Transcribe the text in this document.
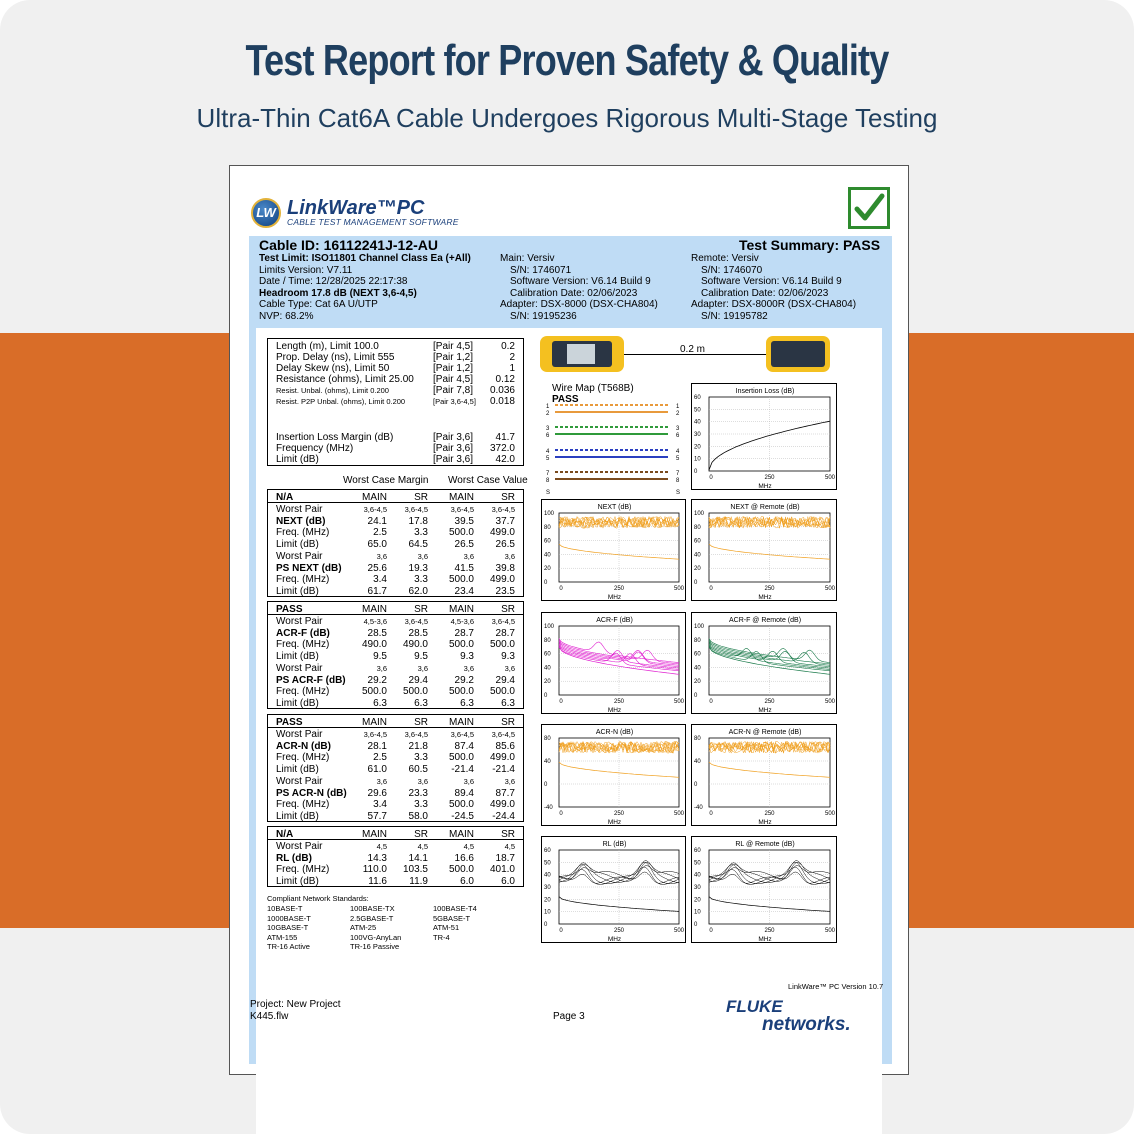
Test Report for Proven Safety & Quality
Ultra-Thin Cat6A Cable Undergoes Rigorous Multi-Stage Testing
LW LinkWare™PC
CABLE TEST MANAGEMENT SOFTWARE
Cable ID: 16112241J-12-AU	Test Summary: PASS
LinkWare™ PC Version 10.7
Project: New Project
K445.flw	Page 3
FLUKE
networks.
Test Limit: ISO11801 Channel Class Ea (+All)
Limits Version: V7.11
Date / Time: 12/28/2025 22:17:38
Headroom 17.8 dB (NEXT 3,6-4,5)
Cable Type: Cat 6A U/UTP
NVP: 68.2%
Main: Versiv
S/N: 1746071
Software Version: V6.14 Build 9
Calibration Date: 02/06/2023
Adapter: DSX-8000 (DSX-CHA804)
S/N: 19195236
Remote: Versiv
S/N: 1746070
Software Version: V6.14 Build 9
Calibration Date: 02/06/2023
Adapter: DSX-8000R (DSX-CHA804)
S/N: 19195782
Length (m), Limit 100.0	[Pair 4,5]	0.2
Prop. Delay (ns), Limit 555	[Pair 1,2]	2
Delay Skew (ns), Limit 50	[Pair 1,2]	1
Resistance (ohms), Limit 25.00 [Pair 4,5]	0.12
Resist. Unbal. (ohms), Limit 0.200	[Pair 7,8]	0.036
Resist. P2P Unbal. (ohms), Limit 0.200	[Pair 3,6-4,5]	0.018
Insertion Loss Margin (dB)	[Pair 3,6]	41.7
Frequency (MHz)	[Pair 3,6]	372.0
Limit (dB)	[Pair 3,6]	42.0
Worst Case Margin Worst Case Value
N/A	MAIN	SR	MAIN	SR
Worst Pair	3,6-4,5	3,6-4,5	3,6-4,5	3,6-4,5
NEXT (dB)	24.1	17.8	39.5	37.7
Freq. (MHz)	2.5	3.3	500.0	499.0
Limit (dB)	65.0	64.5	26.5	26.5
Worst Pair	3,6	3,6	3,6	3,6
PS NEXT (dB)	25.6	19.3	41.5	39.8
Freq. (MHz)	3.4	3.3	500.0	499.0
Limit (dB)	61.7	62.0	23.4	23.5
PASS	MAIN	SR	MAIN	SR
Worst Pair	4,5-3,6	3,6-4,5	4,5-3,6	3,6-4,5
ACR-F (dB)	28.5	28.5	28.7	28.7
Freq. (MHz)	490.0	490.0	500.0	500.0
Limit (dB)	9.5	9.5	9.3	9.3
Worst Pair	3,6	3,6	3,6	3,6
PS ACR-F (dB)	29.2	29.4	29.2	29.4
Freq. (MHz)	500.0	500.0	500.0	500.0
Limit (dB)	6.3	6.3	6.3	6.3
PASS	MAIN	SR	MAIN	SR
Worst Pair	3,6-4,5	3,6-4,5	3,6-4,5	3,6-4,5
ACR-N (dB)	28.1	21.8	87.4	85.6
Freq. (MHz)	2.5	3.3	500.0	499.0
Limit (dB)	61.0	60.5	-21.4	-21.4
Worst Pair	3,6	3,6	3,6	3,6
PS ACR-N (dB)	29.6	23.3	89.4	87.7
Freq. (MHz)	3.4	3.3	500.0	499.0
Limit (dB)	57.7	58.0	-24.5	-24.4
N/A	MAIN	SR	MAIN	SR
Worst Pair	4,5	4,5	4,5	4,5
RL (dB)	14.3	14.1	16.6	18.7
Freq. (MHz)	110.0	103.5	500.0	401.0
Limit (dB)	11.6	11.9	6.0	6.0
Compliant Network Standards:
10BASE-T	100BASE-TX	100BASE-T4
1000BASE-T	2.5GBASE-T	5GBASE-T
10GBASE-T	ATM-25	ATM-51
ATM-155	100VG-AnyLan	TR-4
TR-16 Active	TR-16 Passive
0.2 m
Wire Map (T568B)
PASS
1	1
2	2
3	3
6	6
4	4
5	5
7	7
8	8
S	S
Insertion Loss (dB)
MHz
60
50
40
30
20
10
0
0	250	500
NEXT (dB)
MHz
100
80
60
40
20
0
0	250	500
NEXT @ Remote (dB)
MHz
100
80
60
40
20
0
0	250	500
ACR-F (dB)
MHz
100
80
60
40
20
0
0	250	500
ACR-F @ Remote (dB)
MHz
100
80
60
40
20
0
0	250	500
ACR-N (dB)
MHz
80
40
0
-40
0	250	500
ACR-N @ Remote (dB)
MHz
80
40
0
-40
0	250	500
RL (dB)
MHz
60
50
40
30
20
10
0
0	250	500
RL @ Remote (dB)
MHz
60
50
40
30
20
10
0
0	250	500
